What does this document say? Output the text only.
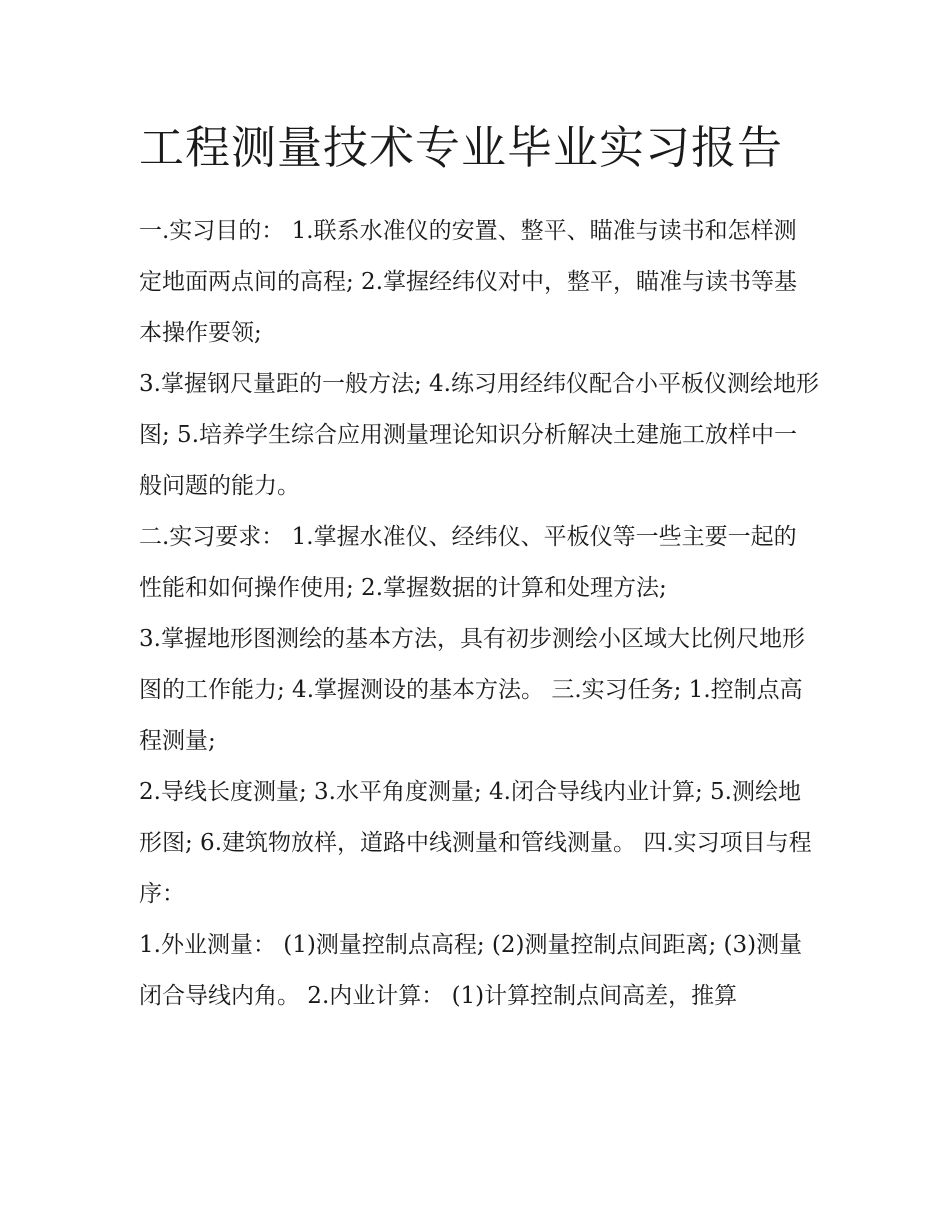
工程测量技术专业毕业实习报告

一.实习目的： 1.联系水准仪的安置、整平、瞄准与读书和怎样测定地面两点间的高程; 2.掌握经纬仪对中，整平，瞄准与读书等基本操作要领;

3.掌握钢尺量距的一般方法; 4.练习用经纬仪配合小平板仪测绘地形图; 5.培养学生综合应用测量理论知识分析解决土建施工放样中一般问题的能力。

二.实习要求： 1.掌握水准仪、经纬仪、平板仪等一些主要一起的性能和如何操作使用; 2.掌握数据的计算和处理方法;

3.掌握地形图测绘的基本方法，具有初步测绘小区域大比例尺地形图的工作能力; 4.掌握测设的基本方法。 三.实习任务; 1.控制点高程测量;

2.导线长度测量; 3.水平角度测量; 4.闭合导线内业计算; 5.测绘地形图; 6.建筑物放样，道路中线测量和管线测量。 四.实习项目与程序：

1.外业测量： (1)测量控制点高程; (2)测量控制点间距离; (3)测量闭合导线内角。 2.内业计算： (1)计算控制点间高差，推算
